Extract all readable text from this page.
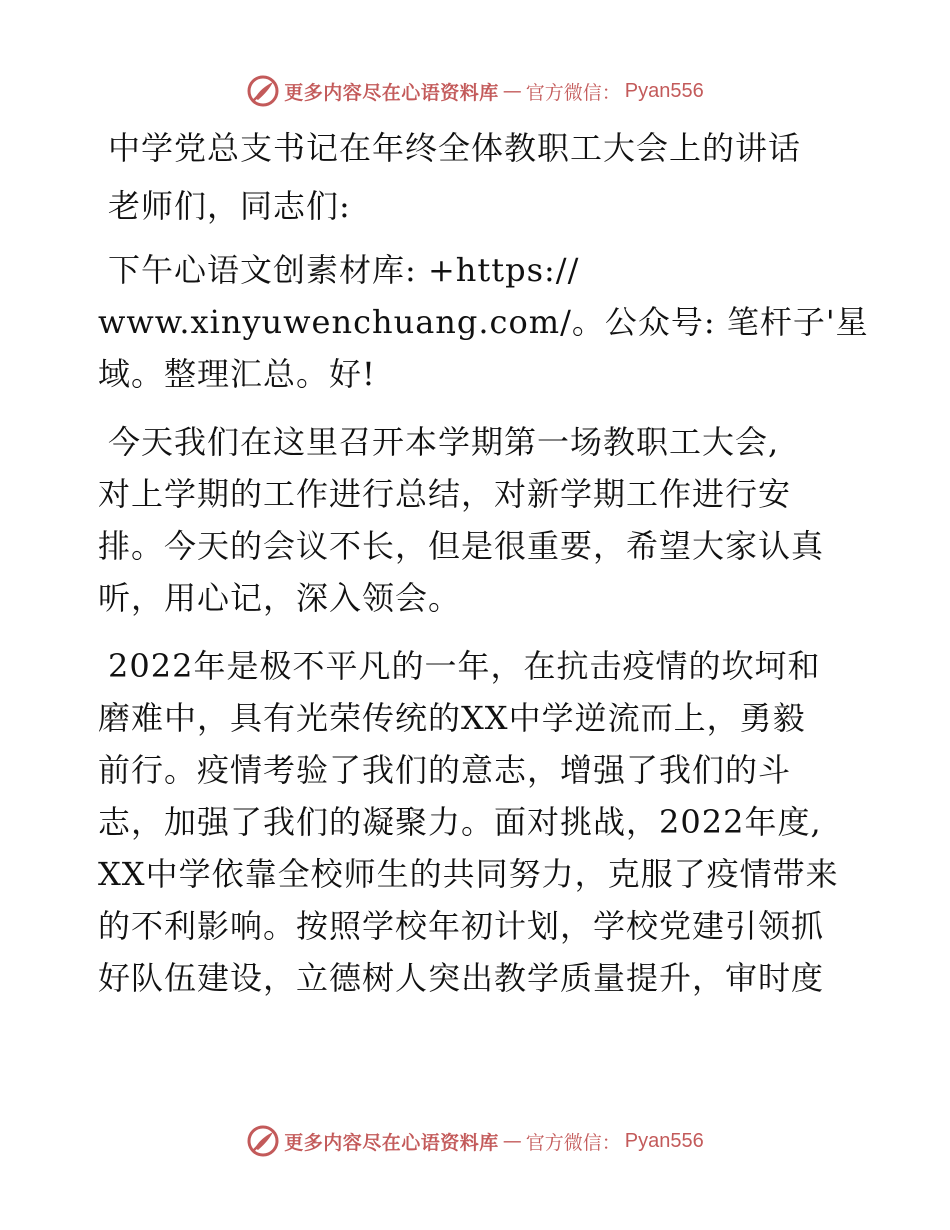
更多内容尽在心语资料库 — 官方微信： Pyan556
中学党总支书记在年终全体教职工大会上的讲话
老师们，同志们:
下午心语文创素材库: +https://
www.xinyuwenchuang.com/。公众号: 笔杆子'星
域。整理汇总。好!
今天我们在这里召开本学期第一场教职工大会,
对上学期的工作进行总结，对新学期工作进行安
排。今天的会议不长，但是很重要，希望大家认真
听，用心记，深入领会。
2022年是极不平凡的一年，在抗击疫情的坎坷和
磨难中，具有光荣传统的XX中学逆流而上，勇毅
前行。疫情考验了我们的意志，增强了我们的斗
志，加强了我们的凝聚力。面对挑战，2022年度,
XX中学依靠全校师生的共同努力，克服了疫情带来
的不利影响。按照学校年初计划，学校党建引领抓
好队伍建设，立德树人突出教学质量提升，审时度
更多内容尽在心语资料库 — 官方微信： Pyan556
